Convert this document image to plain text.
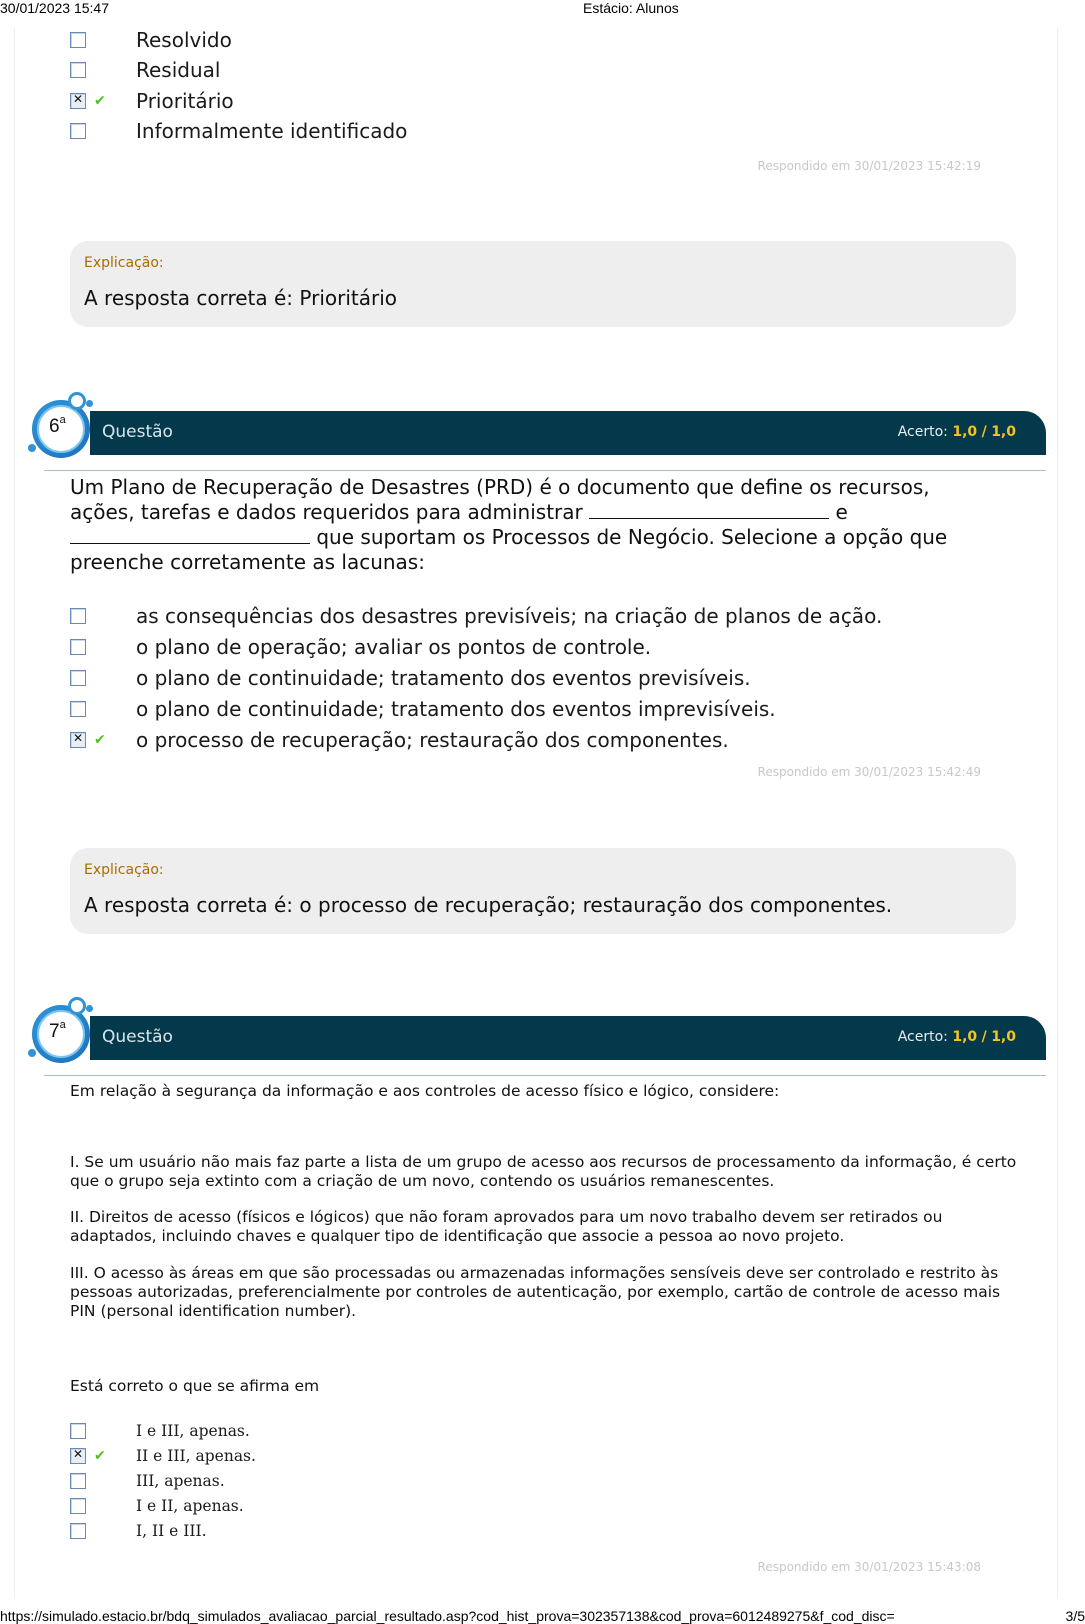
30/01/2023 15:47	Estácio: Alunos
Resolvido
Residual
✕
✔ Prioritário
Informalmente identificado
Respondido em 30/01/2023 15:42:19
Explicação:
A resposta correta é: Prioritário
Questão	Acerto: 1,0 / 1,0
6$^a$
Um Plano de Recuperação de Desastres (PRD) é o documento que define os recursos, ações, tarefas e dados requeridos para administrar	e  que suportam os Processos de Negócio. Selecione a opção que preenche corretamente as lacunas:
as consequências dos desastres previsíveis; na criação de planos de ação.
o plano de operação; avaliar os pontos de controle.
o plano de continuidade; tratamento dos eventos previsíveis.
o plano de continuidade; tratamento dos eventos imprevisíveis.
✕
✔ o processo de recuperação; restauração dos componentes.
Respondido em 30/01/2023 15:42:49
Explicação:
A resposta correta é: o processo de recuperação; restauração dos componentes.
Questão	Acerto: 1,0 / 1,0
7$^a$
Em relação à segurança da informação e aos controles de acesso físico e lógico, considere:
I. Se um usuário não mais faz parte a lista de um grupo de acesso aos recursos de processamento da informação, é certo que o grupo seja extinto com a criação de um novo, contendo os usuários remanescentes.
II. Direitos de acesso (físicos e lógicos) que não foram aprovados para um novo trabalho devem ser retirados ou adaptados, incluindo chaves e qualquer tipo de identificação que associe a pessoa ao novo projeto.
III. O acesso às áreas em que são processadas ou armazenadas informações sensíveis deve ser controlado e restrito às pessoas autorizadas, preferencialmente por controles de autenticação, por exemplo, cartão de controle de acesso mais PIN (personal identification number).
Está correto o que se afirma em
I e III, apenas.
✕
✔ II e III, apenas.
III, apenas.
I e II, apenas.
I, II e III.
Respondido em 30/01/2023 15:43:08
https://simulado.estacio.br/bdq_simulados_avaliacao_parcial_resultado.asp?cod_hist_prova=302357138&cod_prova=6012489275&f_cod_disc=	3/5
